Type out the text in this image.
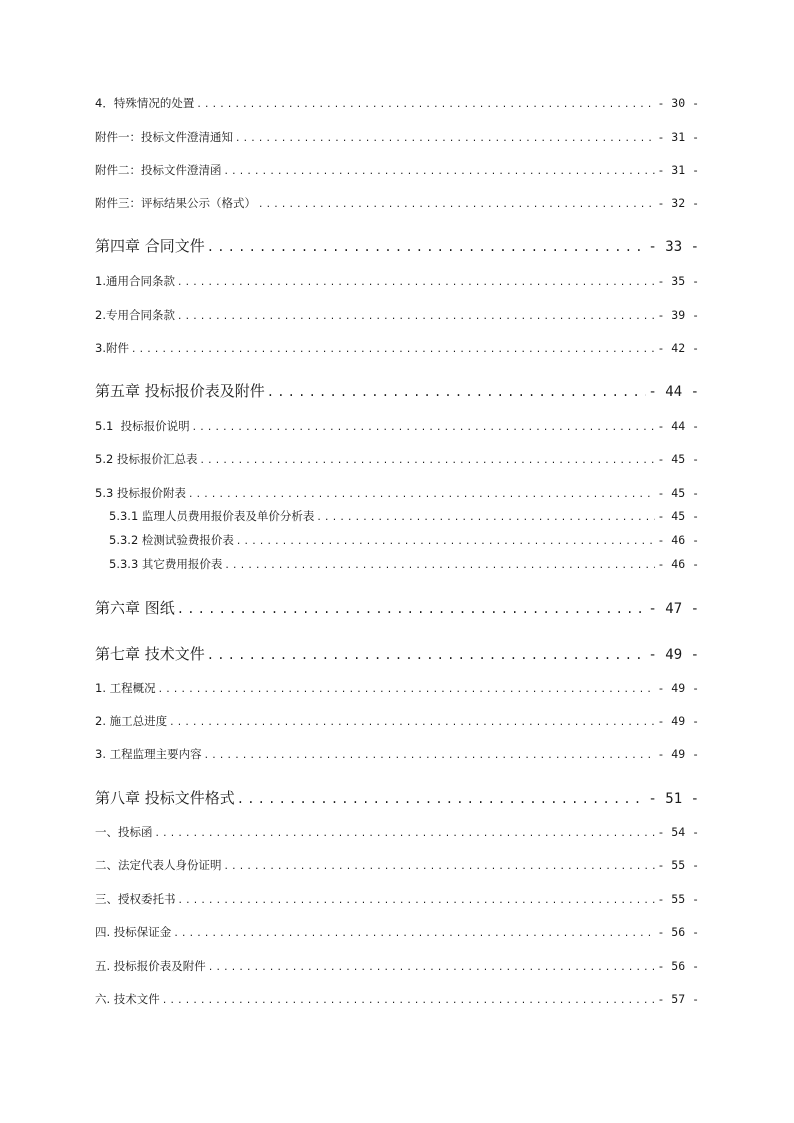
4．特殊情况的处置 . . .	- 30 -
附件一：投标文件澄清通知 . . .	- 31 -
附件二：投标文件澄清函 . . .	- 31 -
附件三：评标结果公示（格式） . . .	- 32 -
第四章 合同文件 . . .	- 33 -
1.通用合同条款 . . .	- 35 -
2.专用合同条款 . . .	- 39 -
3.附件 . . .	- 42 -
第五章 投标报价表及附件 . . .	- 44 -
5.1  投标报价说明 . . .	- 44 -
5.2 投标报价汇总表 . . .	- 45 -
5.3 投标报价附表 . . .	- 45 -
5.3.1 监理人员费用报价表及单价分析表 . . .	- 45 -
5.3.2 检测试验费报价表 . . .	- 46 -
5.3.3 其它费用报价表 . . .	- 46 -
第六章 图纸 . . .	- 47 -
第七章 技术文件 . . .	- 49 -
1. 工程概况 . . .	- 49 -
2. 施工总进度 . . .	- 49 -
3. 工程监理主要内容 . . .	- 49 -
第八章 投标文件格式 . . .	- 51 -
一、投标函 . . .	- 54 -
二、法定代表人身份证明 . . .	- 55 -
三、授权委托书 . . .	- 55 -
四. 投标保证金 . . .	- 56 -
五. 投标报价表及附件 . . .	- 56 -
六. 技术文件 . . .	- 57 -
